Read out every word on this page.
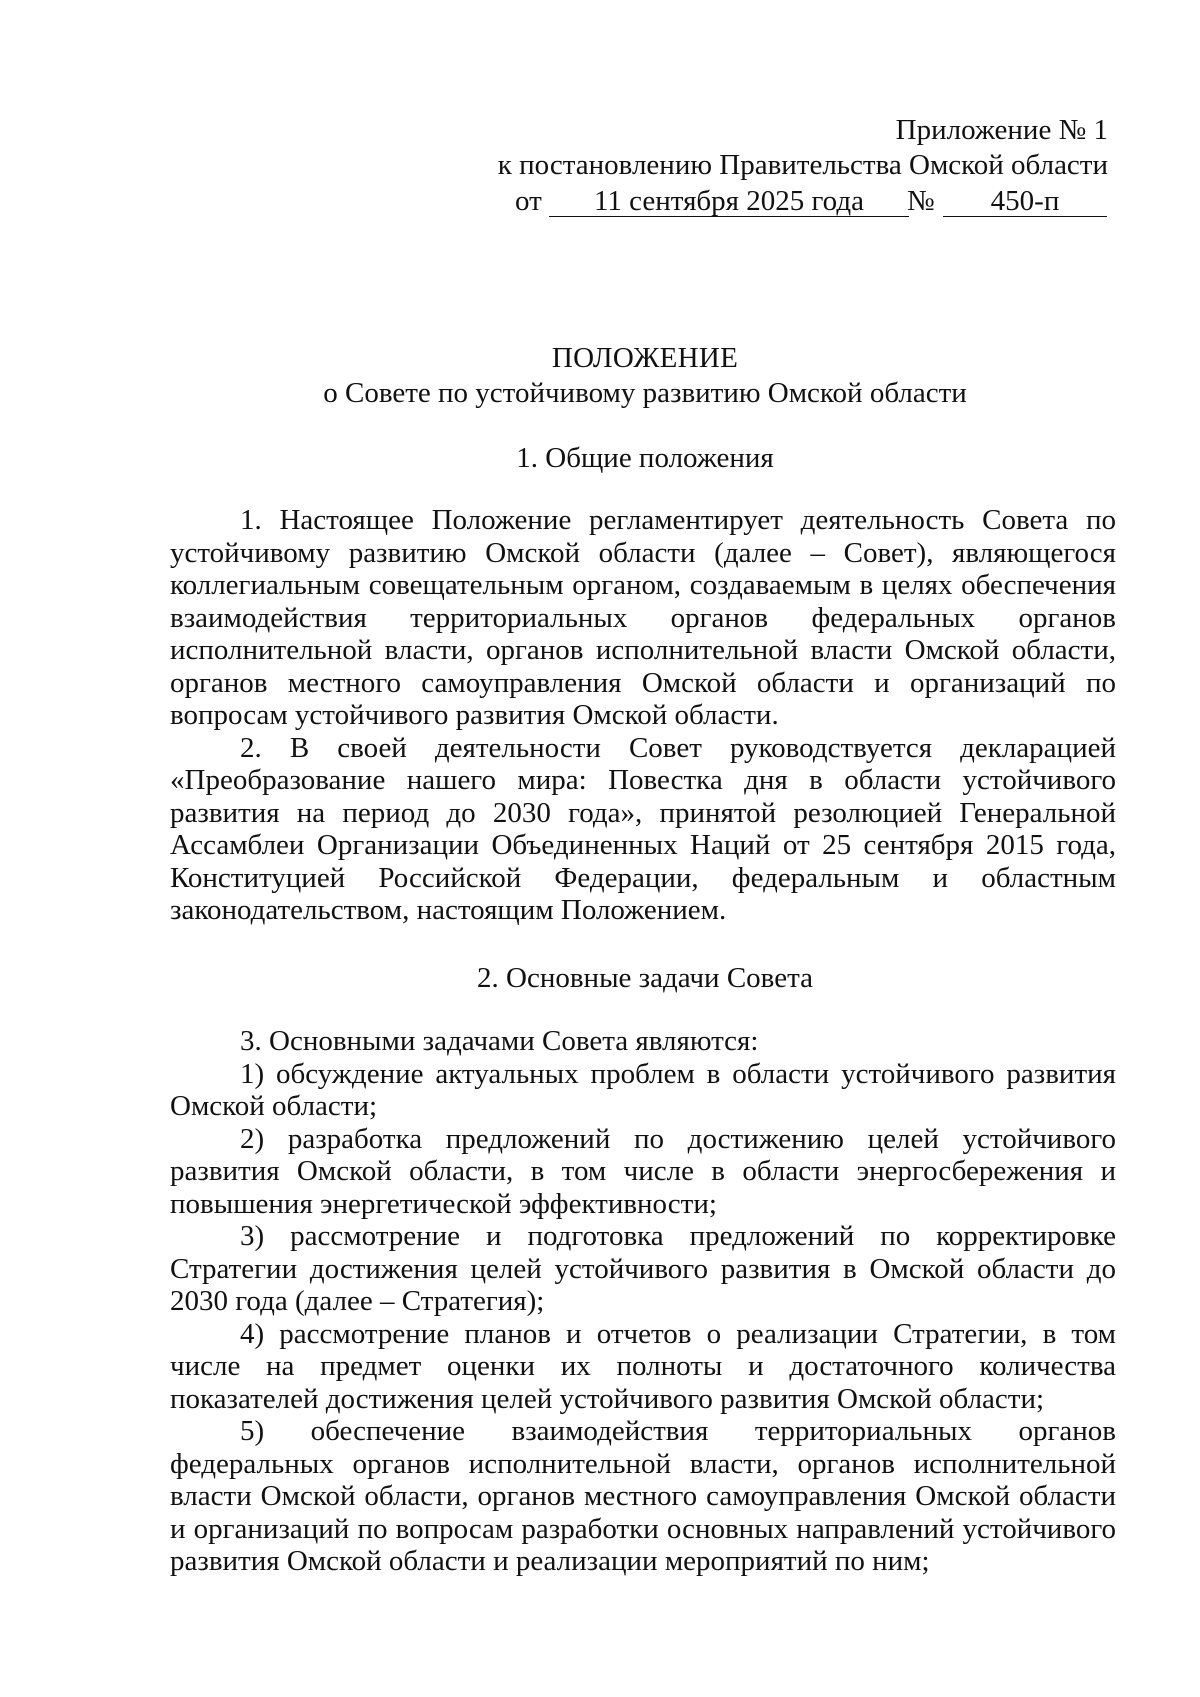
Приложение № 1
к постановлению Правительства Омской области
от	11 сентября 2025 года	№	450-п
ПОЛОЖЕНИЕ
о Совете по устойчивому развитию Омской области
1. Общие положения

1. Настоящее Положение регламентирует деятельность Совета по устойчивому развитию Омской области (далее – Совет), являющегося коллегиальным совещательным органом, создаваемым в целях обеспечения взаимодействия территориальных органов федеральных органов исполнительной власти, органов исполнительной власти Омской области, органов местного самоуправления Омской области и организаций по вопросам устойчивого развития Омской области.

2. В своей деятельности Совет руководствуется декларацией «Преобразование нашего мира: Повестка дня в области устойчивого развития на период до 2030 года», принятой резолюцией Генеральной Ассамблеи Организации Объединенных Наций от 25 сентября 2015 года, Конституцией Российской Федерации, федеральным и областным законодательством, настоящим Положением.

2. Основные задачи Совета

3. Основными задачами Совета являются:

1) обсуждение актуальных проблем в области устойчивого развития Омской области;

2) разработка предложений по достижению целей устойчивого развития Омской области, в том числе в области энергосбережения и повышения энергетической эффективности;

3) рассмотрение и подготовка предложений по корректировке Стратегии достижения целей устойчивого развития в Омской области до 2030 года (далее – Стратегия);

4) рассмотрение планов и отчетов о реализации Стратегии, в том числе на предмет оценки их полноты и достаточного количества показателей достижения целей устойчивого развития Омской области;

5) обеспечение взаимодействия территориальных органов федеральных органов исполнительной власти, органов исполнительной власти Омской области, органов местного самоуправления Омской области и организаций по вопросам разработки основных направлений устойчивого развития Омской области и реализации мероприятий по ним;
